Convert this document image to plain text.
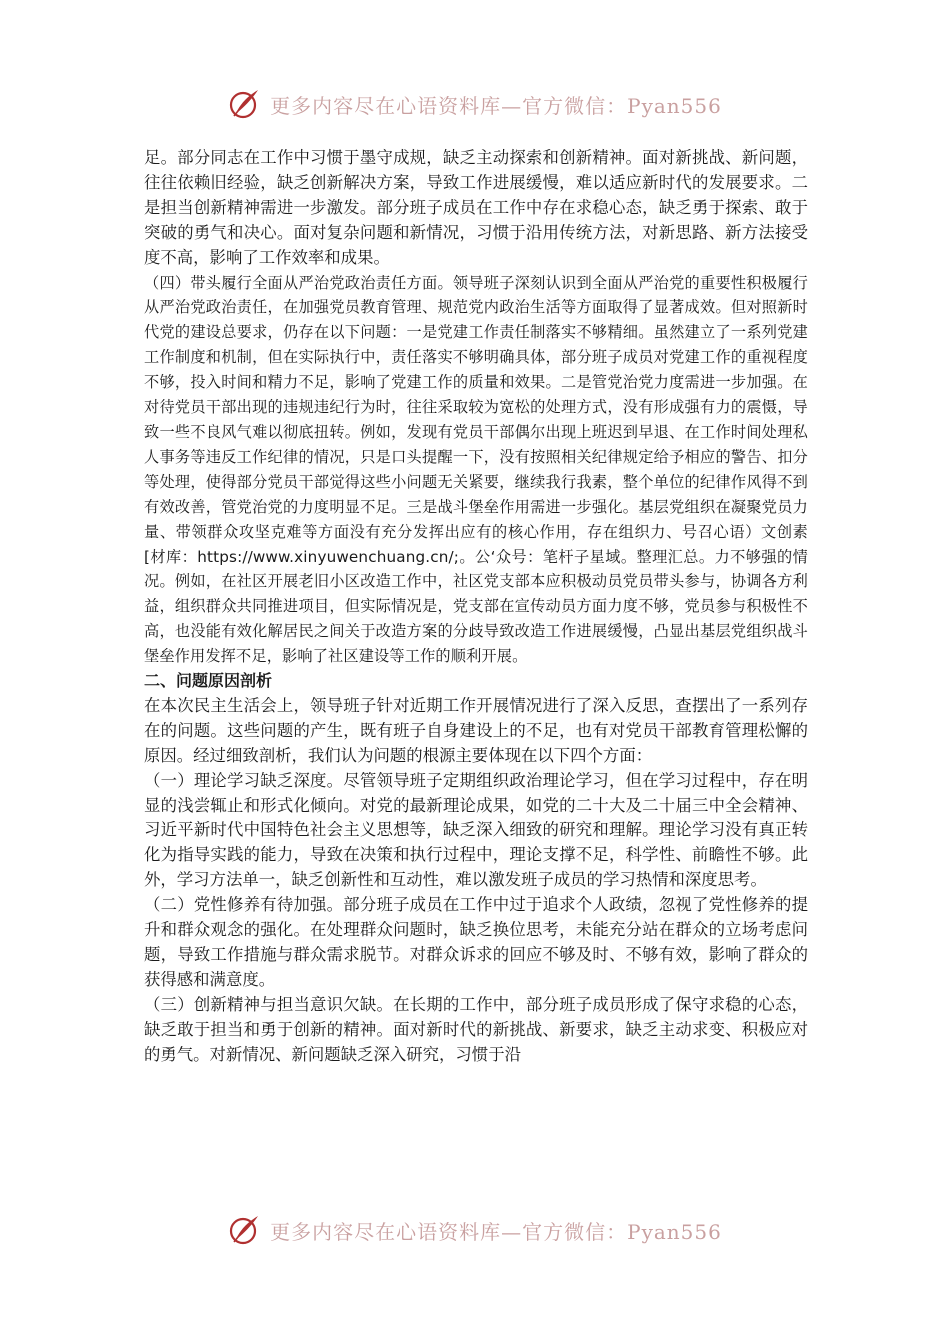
更多内容尽在心语资料库—官方微信：Pyan556

足。部分同志在工作中习惯于墨守成规，缺乏主动探索和创新精神。面对新挑战、新问题，往往依赖旧经验，缺乏创新解决方案，导致工作进展缓慢，难以适应新时代的发展要求。二是担当创新精神需进一步激发。部分班子成员在工作中存在求稳心态，缺乏勇于探索、敢于突破的勇气和决心。面对复杂问题和新情况，习惯于沿用传统方法，对新思路、新方法接受度不高，影响了工作效率和成果。

（四）带头履行全面从严治党政治责任方面。领导班子深刻认识到全面从严治党的重要性积极履行从严治党政治责任，在加强党员教育管理、规范党内政治生活等方面取得了显著成效。但对照新时代党的建设总要求，仍存在以下问题：一是党建工作责任制落实不够精细。虽然建立了一系列党建工作制度和机制，但在实际执行中，责任落实不够明确具体，部分班子成员对党建工作的重视程度不够，投入时间和精力不足，影响了党建工作的质量和效果。二是管党治党力度需进一步加强。在对待党员干部出现的违规违纪行为时，往往采取较为宽松的处理方式，没有形成强有力的震慑，导致一些不良风气难以彻底扭转。例如，发现有党员干部偶尔出现上班迟到早退、在工作时间处理私人事务等违反工作纪律的情况，只是口头提醒一下，没有按照相关纪律规定给予相应的警告、扣分等处理，使得部分党员干部觉得这些小问题无关紧要，继续我行我素，整个单位的纪律作风得不到有效改善，管党治党的力度明显不足。三是战斗堡垒作用需进一步强化。基层党组织在凝聚党员力量、带领群众攻坚克难等方面没有充分发挥出应有的核心作用，存在组织力、号召心语）文创素[材库：https://www.xinyuwenchuang.cn/;。公‘众号：笔杆子星域。整理汇总。力不够强的情况。例如，在社区开展老旧小区改造工作中，社区党支部本应积极动员党员带头参与，协调各方利益，组织群众共同推进项目，但实际情况是，党支部在宣传动员方面力度不够，党员参与积极性不高，也没能有效化解居民之间关于改造方案的分歧导致改造工作进展缓慢，凸显出基层党组织战斗堡垒作用发挥不足，影响了社区建设等工作的顺利开展。

二、问题原因剖析

在本次民主生活会上，领导班子针对近期工作开展情况进行了深入反思，查摆出了一系列存在的问题。这些问题的产生，既有班子自身建设上的不足，也有对党员干部教育管理松懈的原因。经过细致剖析，我们认为问题的根源主要体现在以下四个方面：

（一）理论学习缺乏深度。尽管领导班子定期组织政治理论学习，但在学习过程中，存在明显的浅尝辄止和形式化倾向。对党的最新理论成果，如党的二十大及二十届三中全会精神、习近平新时代中国特色社会主义思想等，缺乏深入细致的研究和理解。理论学习没有真正转化为指导实践的能力，导致在决策和执行过程中，理论支撑不足，科学性、前瞻性不够。此外，学习方法单一，缺乏创新性和互动性，难以激发班子成员的学习热情和深度思考。

（二）党性修养有待加强。部分班子成员在工作中过于追求个人政绩，忽视了党性修养的提升和群众观念的强化。在处理群众问题时，缺乏换位思考，未能充分站在群众的立场考虑问题，导致工作措施与群众需求脱节。对群众诉求的回应不够及时、不够有效，影响了群众的获得感和满意度。

（三）创新精神与担当意识欠缺。在长期的工作中，部分班子成员形成了保守求稳的心态，缺乏敢于担当和勇于创新的精神。面对新时代的新挑战、新要求，缺乏主动求变、积极应对的勇气。对新情况、新问题缺乏深入研究，习惯于沿

更多内容尽在心语资料库—官方微信：Pyan556
